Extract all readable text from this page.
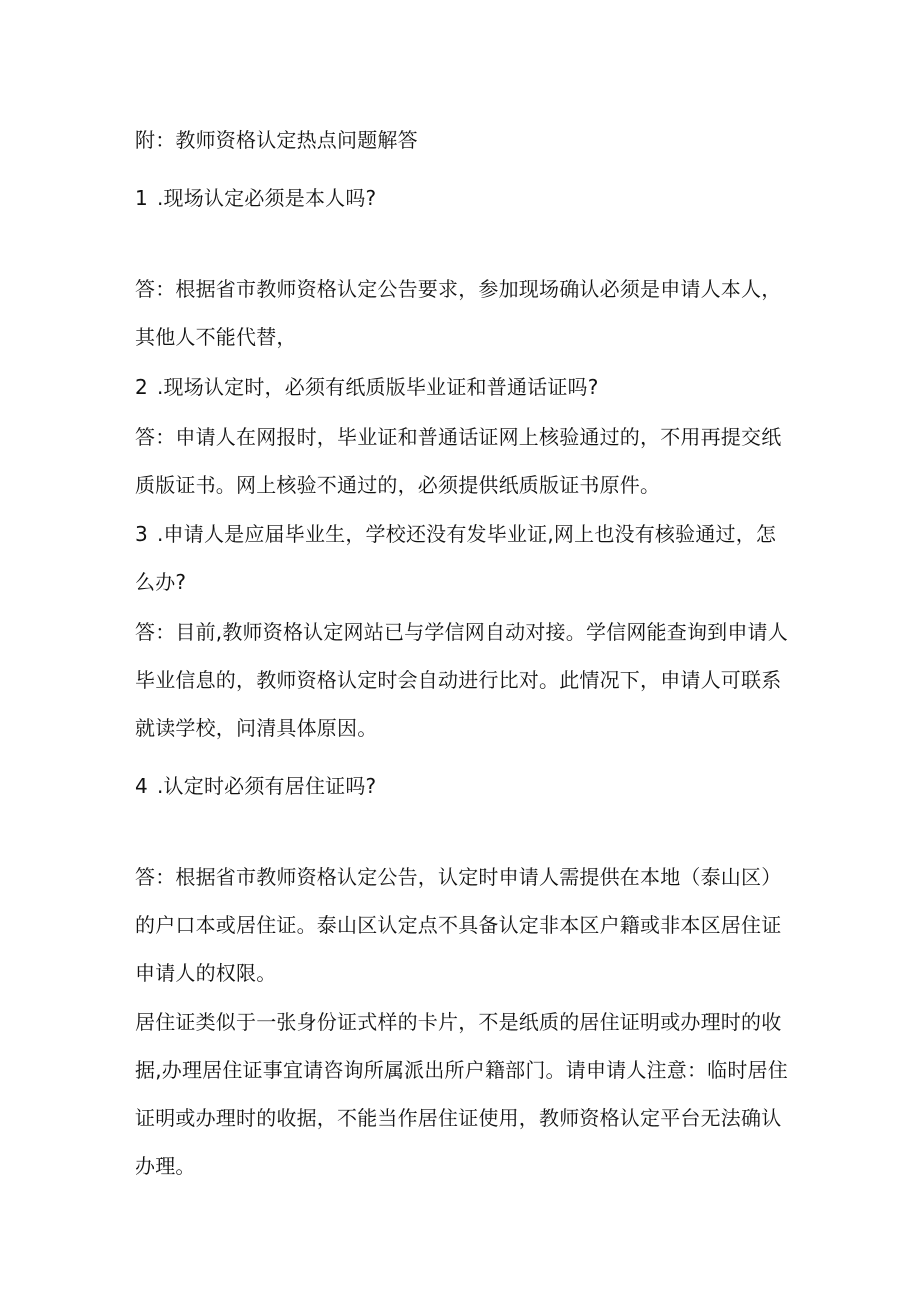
附：教师资格认定热点问题解答
1 .现场认定必须是本人吗?
答：根据省市教师资格认定公告要求，参加现场确认必须是申请人本人，
其他人不能代替，
2 .现场认定时，必须有纸质版毕业证和普通话证吗?
答：申请人在网报时，毕业证和普通话证网上核验通过的，不用再提交纸
质版证书。网上核验不通过的，必须提供纸质版证书原件。
3 .申请人是应届毕业生，学校还没有发毕业证,网上也没有核验通过，怎
么办?
答：目前,教师资格认定网站已与学信网自动对接。学信网能查询到申请人
毕业信息的，教师资格认定时会自动进行比对。此情况下，申请人可联系
就读学校，问清具体原因。
4 .认定时必须有居住证吗?
答：根据省市教师资格认定公告，认定时申请人需提供在本地（泰山区）
的户口本或居住证。泰山区认定点不具备认定非本区户籍或非本区居住证
申请人的权限。
居住证类似于一张身份证式样的卡片，不是纸质的居住证明或办理时的收
据,办理居住证事宜请咨询所属派出所户籍部门。请申请人注意：临时居住
证明或办理时的收据，不能当作居住证使用，教师资格认定平台无法确认
办理。
